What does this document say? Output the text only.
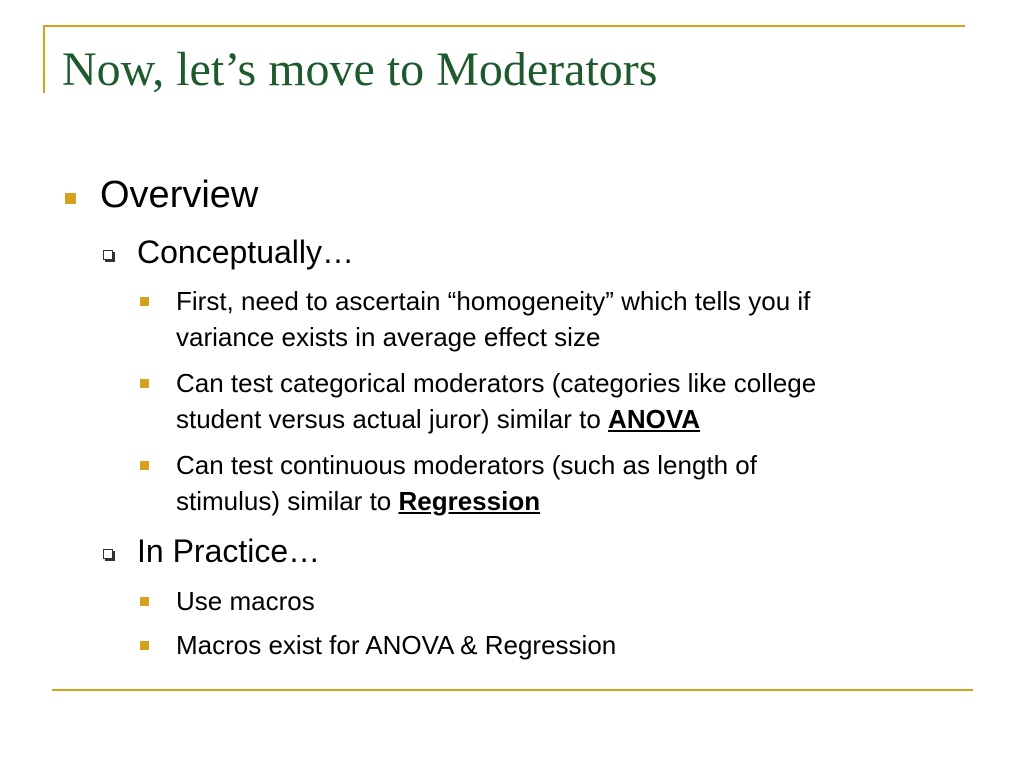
Now, let’s move to Moderators
Overview
Conceptually…
First, need to ascertain “homogeneity” which tells you if
variance exists in average effect size
Can test categorical moderators (categories like college
student versus actual juror) similar to ANOVA
Can test continuous moderators (such as length of
stimulus) similar to Regression
In Practice…
Use macros
Macros exist for ANOVA & Regression
